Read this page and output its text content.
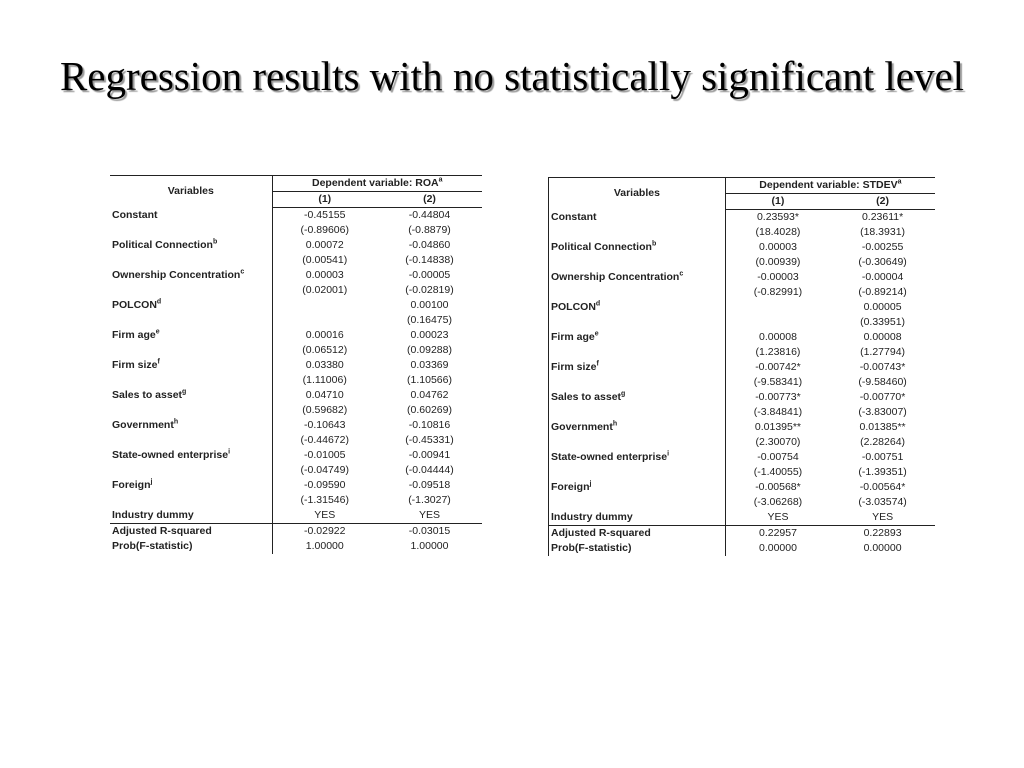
Regression results with no statistically significant level
Variables	Dependent variable: ROA$^a$
	(1)	(2)
Constant	-0.45155	-0.44804
	(-0.89606)	(-0.8879)
Political Connection$^b$	0.00072	-0.04860
	(0.00541)	(-0.14838)
Ownership Concentration$^c$	0.00003	-0.00005
	(0.02001)	(-0.02819)
POLCON$^d$		0.00100
		(0.16475)
Firm age$^e$	0.00016	0.00023
	(0.06512)	(0.09288)
Firm size$^f$	0.03380	0.03369
	(1.11006)	(1.10566)
Sales to asset$^g$	0.04710	0.04762
	(0.59682)	(0.60269)
Government$^h$	-0.10643	-0.10816
	(-0.44672)	(-0.45331)
State-owned enterprise$^i$	-0.01005	-0.00941
	(-0.04749)	(-0.04444)
Foreign$^j$	-0.09590	-0.09518
	(-1.31546)	(-1.3027)
Industry dummy	YES	YES
Adjusted R-squared	-0.02922	-0.03015
Prob(F-statistic)	1.00000	1.00000
Variables	Dependent variable: STDEV$^a$
	(1)	(2)
Constant	0.23593*	0.23611*
	(18.4028)	(18.3931)
Political Connection$^b$	0.00003	-0.00255
	(0.00939)	(-0.30649)
Ownership Concentration$^c$	-0.00003	-0.00004
	(-0.82991)	(-0.89214)
POLCON$^d$		0.00005
		(0.33951)
Firm age$^e$	0.00008	0.00008
	(1.23816)	(1.27794)
Firm size$^f$	-0.00742*	-0.00743*
	(-9.58341)	(-9.58460)
Sales to asset$^g$	-0.00773*	-0.00770*
	(-3.84841)	(-3.83007)
Government$^h$	0.01395**	0.01385**
	(2.30070)	(2.28264)
State-owned enterprise$^i$	-0.00754	-0.00751
	(-1.40055)	(-1.39351)
Foreign$^j$	-0.00568*	-0.00564*
	(-3.06268)	(-3.03574)
Industry dummy	YES	YES
Adjusted R-squared	0.22957	0.22893
Prob(F-statistic)	0.00000	0.00000
